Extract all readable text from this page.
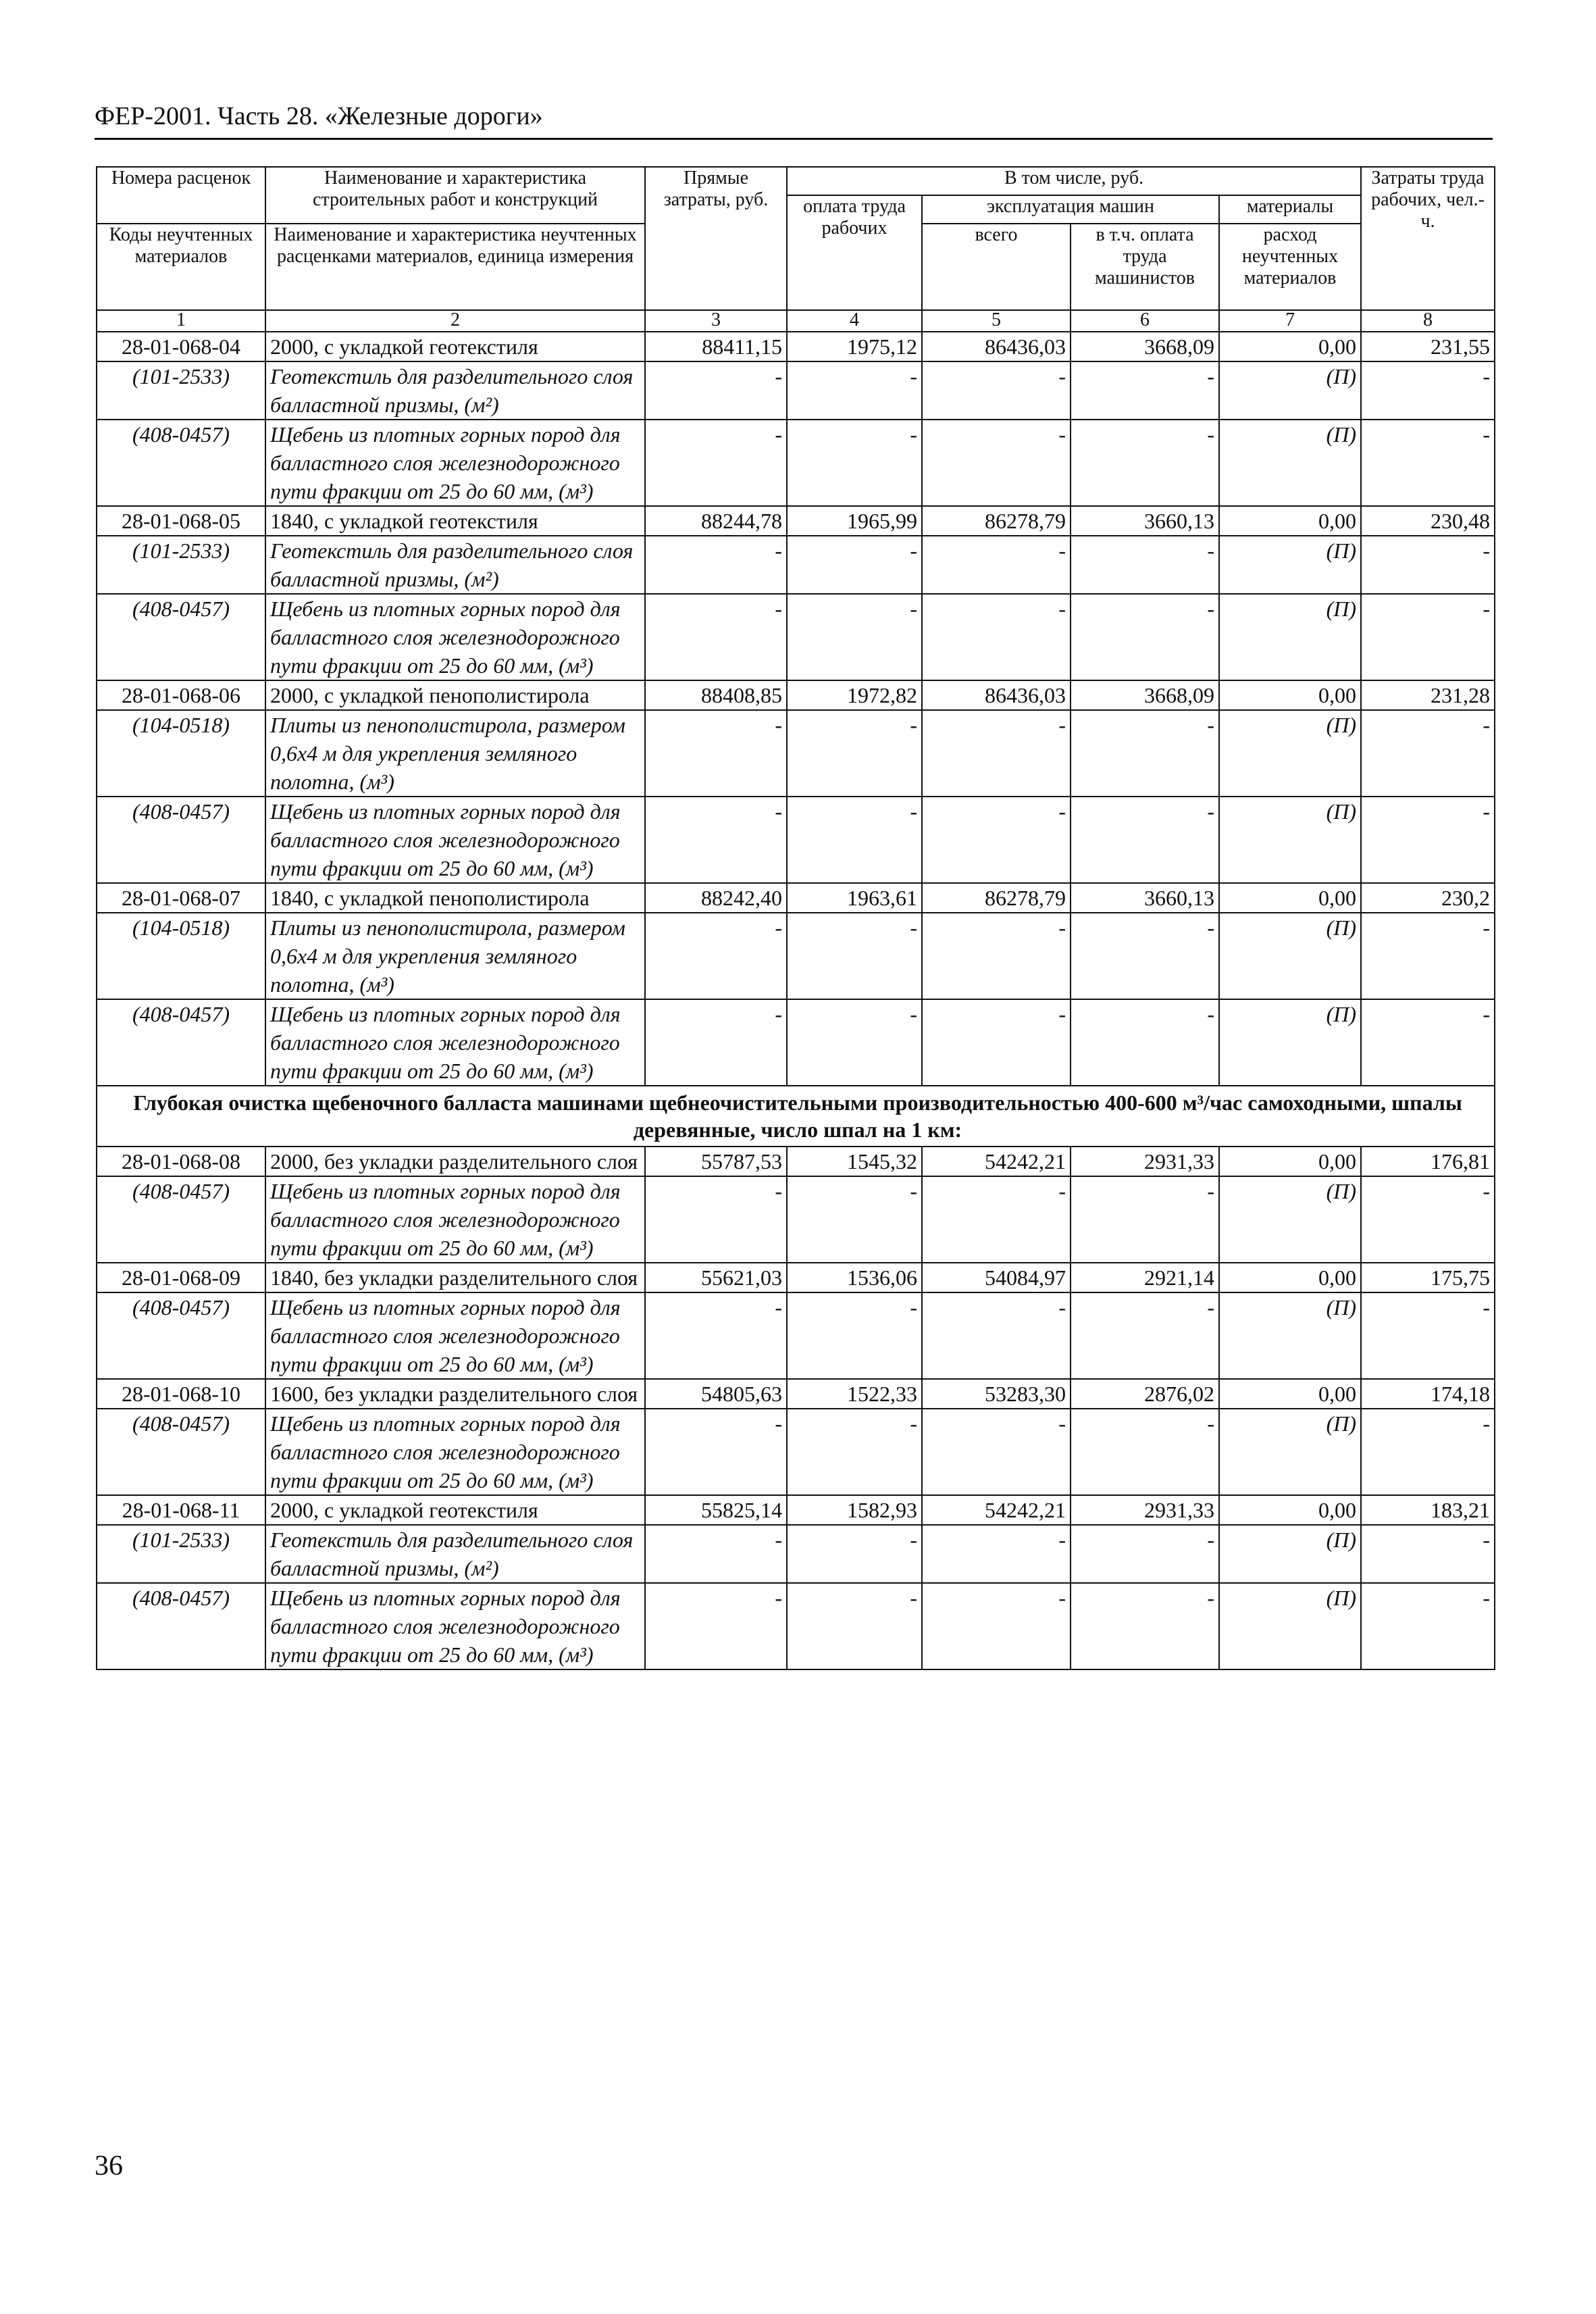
ФЕР-2001. Часть 28. «Железные дороги»
Номера расценок	Наименование и характеристика строительных работ и конструкций	Прямые затраты, руб.	В том числе, руб.				Затраты труда рабочих, чел.-ч.
			оплата труда рабочих	эксплуатация машин		материалы	
Коды неучтенных материалов	Наименование и характеристика неучтенных расценками материалов, единица измерения			всего	в т.ч. оплата труда машинистов	расход неучтенных материалов	
1	2	3	4	5	6	7	8
28-01-068-04	2000, с укладкой геотекстиля	88411,15	1975,12	86436,03	3668,09	0,00	231,55
(101-2533)	Геотекстиль для разделительного слоя балластной призмы, (м²)	-	-	-	-	(П)	-
(408-0457)	Щебень из плотных горных пород для балластного слоя железнодорожного пути фракции от 25 до 60 мм, (м³)	-	-	-	-	(П)	-
28-01-068-05	1840, с укладкой геотекстиля	88244,78	1965,99	86278,79	3660,13	0,00	230,48
(101-2533)	Геотекстиль для разделительного слоя балластной призмы, (м²)	-	-	-	-	(П)	-
(408-0457)	Щебень из плотных горных пород для балластного слоя железнодорожного пути фракции от 25 до 60 мм, (м³)	-	-	-	-	(П)	-
28-01-068-06	2000, с укладкой пенополистирола	88408,85	1972,82	86436,03	3668,09	0,00	231,28
(104-0518)	Плиты из пенополистирола, размером 0,6x4 м для укрепления земляного полотна, (м³)	-	-	-	-	(П)	-
(408-0457)	Щебень из плотных горных пород для балластного слоя железнодорожного пути фракции от 25 до 60 мм, (м³)	-	-	-	-	(П)	-
28-01-068-07	1840, с укладкой пенополистирола	88242,40	1963,61	86278,79	3660,13	0,00	230,2
(104-0518)	Плиты из пенополистирола, размером 0,6x4 м для укрепления земляного полотна, (м³)	-	-	-	-	(П)	-
(408-0457)	Щебень из плотных горных пород для балластного слоя железнодорожного пути фракции от 25 до 60 мм, (м³)	-	-	-	-	(П)	-
Глубокая очистка щебеночного балласта машинами щебнеочистительными производительностью 400-600 м³/час самоходными, шпалы деревянные, число шпал на 1 км:							
28-01-068-08	2000, без укладки разделительного слоя	55787,53	1545,32	54242,21	2931,33	0,00	176,81
(408-0457)	Щебень из плотных горных пород для балластного слоя железнодорожного пути фракции от 25 до 60 мм, (м³)	-	-	-	-	(П)	-
28-01-068-09	1840, без укладки разделительного слоя	55621,03	1536,06	54084,97	2921,14	0,00	175,75
(408-0457)	Щебень из плотных горных пород для балластного слоя железнодорожного пути фракции от 25 до 60 мм, (м³)	-	-	-	-	(П)	-
28-01-068-10	1600, без укладки разделительного слоя	54805,63	1522,33	53283,30	2876,02	0,00	174,18
(408-0457)	Щебень из плотных горных пород для балластного слоя железнодорожного пути фракции от 25 до 60 мм, (м³)	-	-	-	-	(П)	-
28-01-068-11	2000, с укладкой геотекстиля	55825,14	1582,93	54242,21	2931,33	0,00	183,21
(101-2533)	Геотекстиль для разделительного слоя балластной призмы, (м²)	-	-	-	-	(П)	-
(408-0457)	Щебень из плотных горных пород для балластного слоя железнодорожного пути фракции от 25 до 60 мм, (м³)	-	-	-	-	(П)	-
36
